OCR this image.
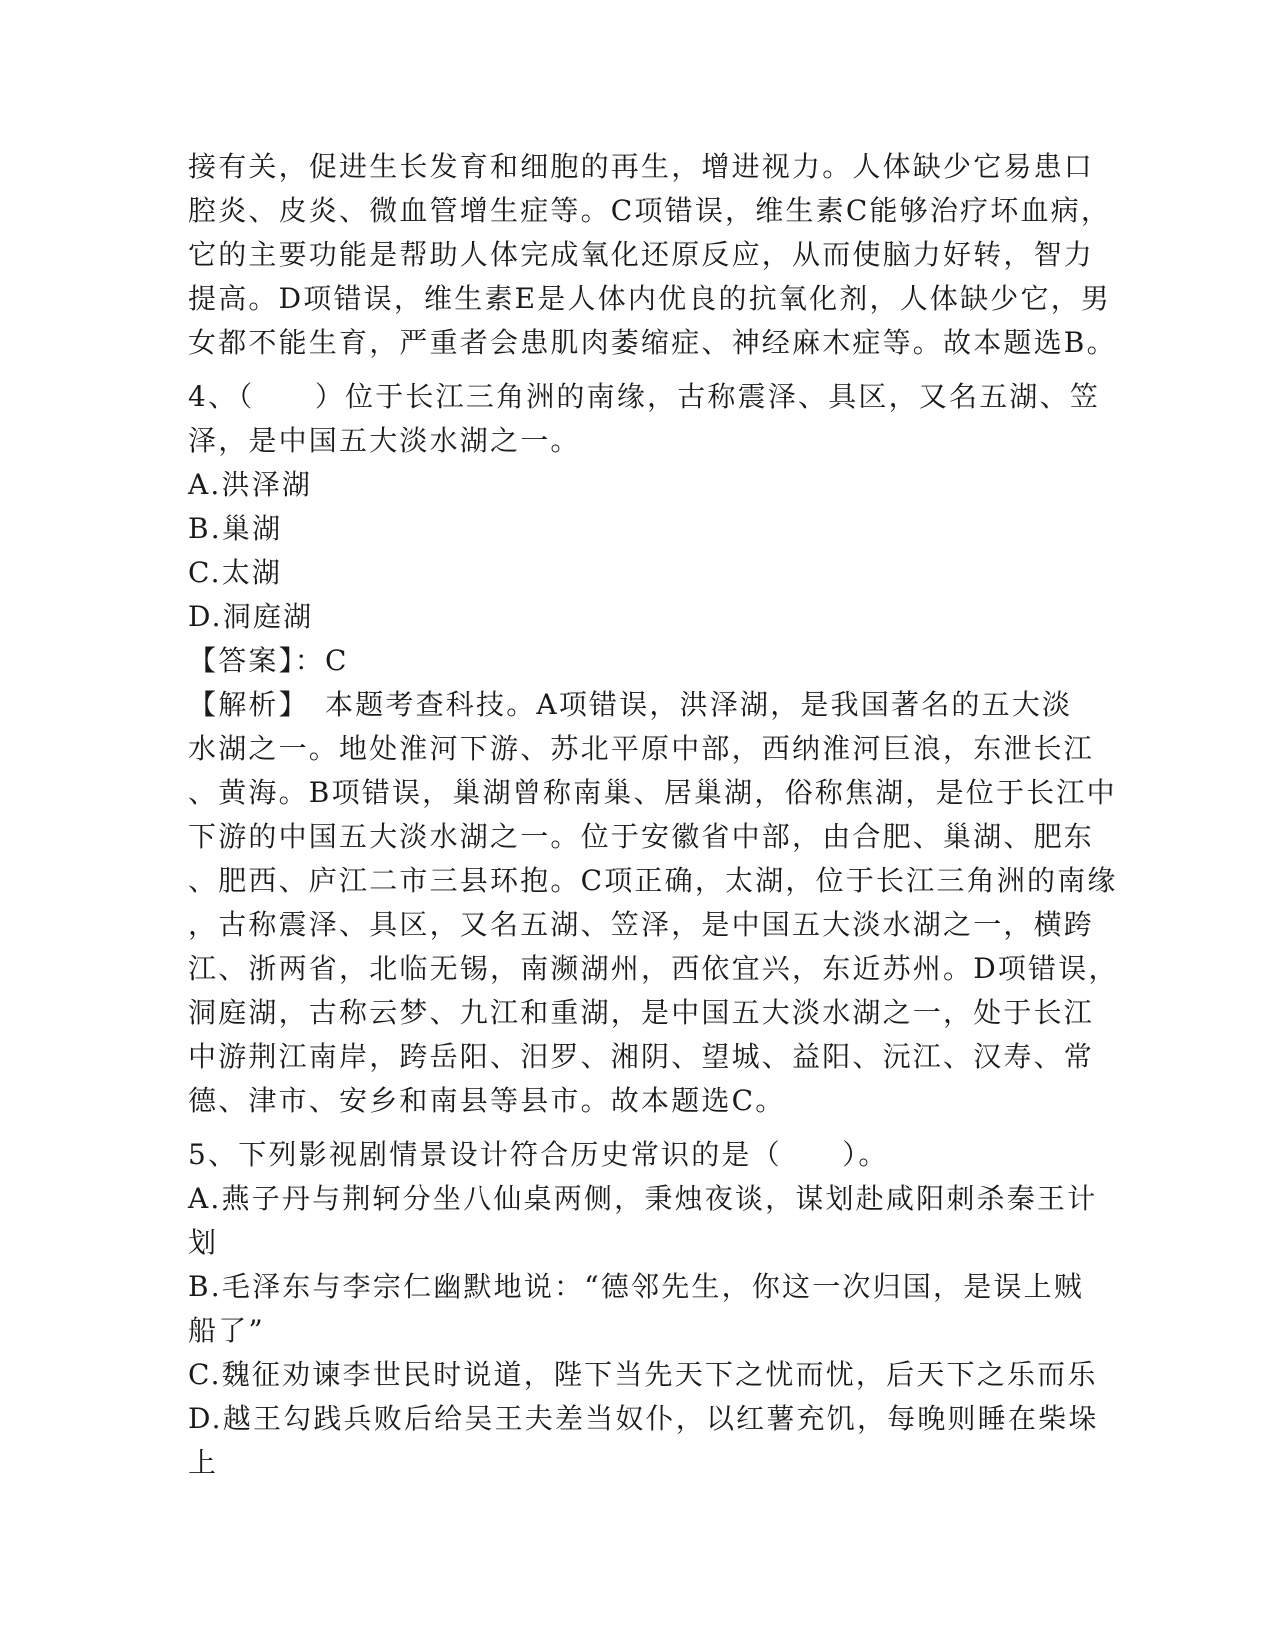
接有关，促进生长发育和细胞的再生，增进视力。人体缺少它易患口
腔炎、皮炎、微血管增生症等。C项错误，维生素C能够治疗坏血病，
它的主要功能是帮助人体完成氧化还原反应，从而使脑力好转，智力
提高。D项错误，维生素E是人体内优良的抗氧化剂，人体缺少它，男
女都不能生育，严重者会患肌肉萎缩症、神经麻木症等。故本题选B。
4、（　　）位于长江三角洲的南缘，古称震泽、具区，又名五湖、笠
泽，是中国五大淡水湖之一。
A.洪泽湖
B.巢湖
C.太湖
D.洞庭湖
【答案】：C
【解析】　本题考查科技。A项错误，洪泽湖，是我国著名的五大淡
水湖之一。地处淮河下游、苏北平原中部，西纳淮河巨浪，东泄长江
、黄海。B项错误，巢湖曾称南巢、居巢湖，俗称焦湖，是位于长江中
下游的中国五大淡水湖之一。位于安徽省中部，由合肥、巢湖、肥东
、肥西、庐江二市三县环抱。C项正确，太湖，位于长江三角洲的南缘
，古称震泽、具区，又名五湖、笠泽，是中国五大淡水湖之一，横跨
江、浙两省，北临无锡，南濒湖州，西依宜兴，东近苏州。D项错误，
洞庭湖，古称云梦、九江和重湖，是中国五大淡水湖之一，处于长江
中游荆江南岸，跨岳阳、汨罗、湘阴、望城、益阳、沅江、汉寿、常
德、津市、安乡和南县等县市。故本题选C。
5、下列影视剧情景设计符合历史常识的是（　　）。
A.燕子丹与荆轲分坐八仙桌两侧，秉烛夜谈，谋划赴咸阳刺杀秦王计
划
B.毛泽东与李宗仁幽默地说：“德邻先生，你这一次归国，是误上贼
船了”
C.魏征劝谏李世民时说道，陛下当先天下之忧而忧，后天下之乐而乐
D.越王勾践兵败后给吴王夫差当奴仆，以红薯充饥，每晚则睡在柴垛
上
